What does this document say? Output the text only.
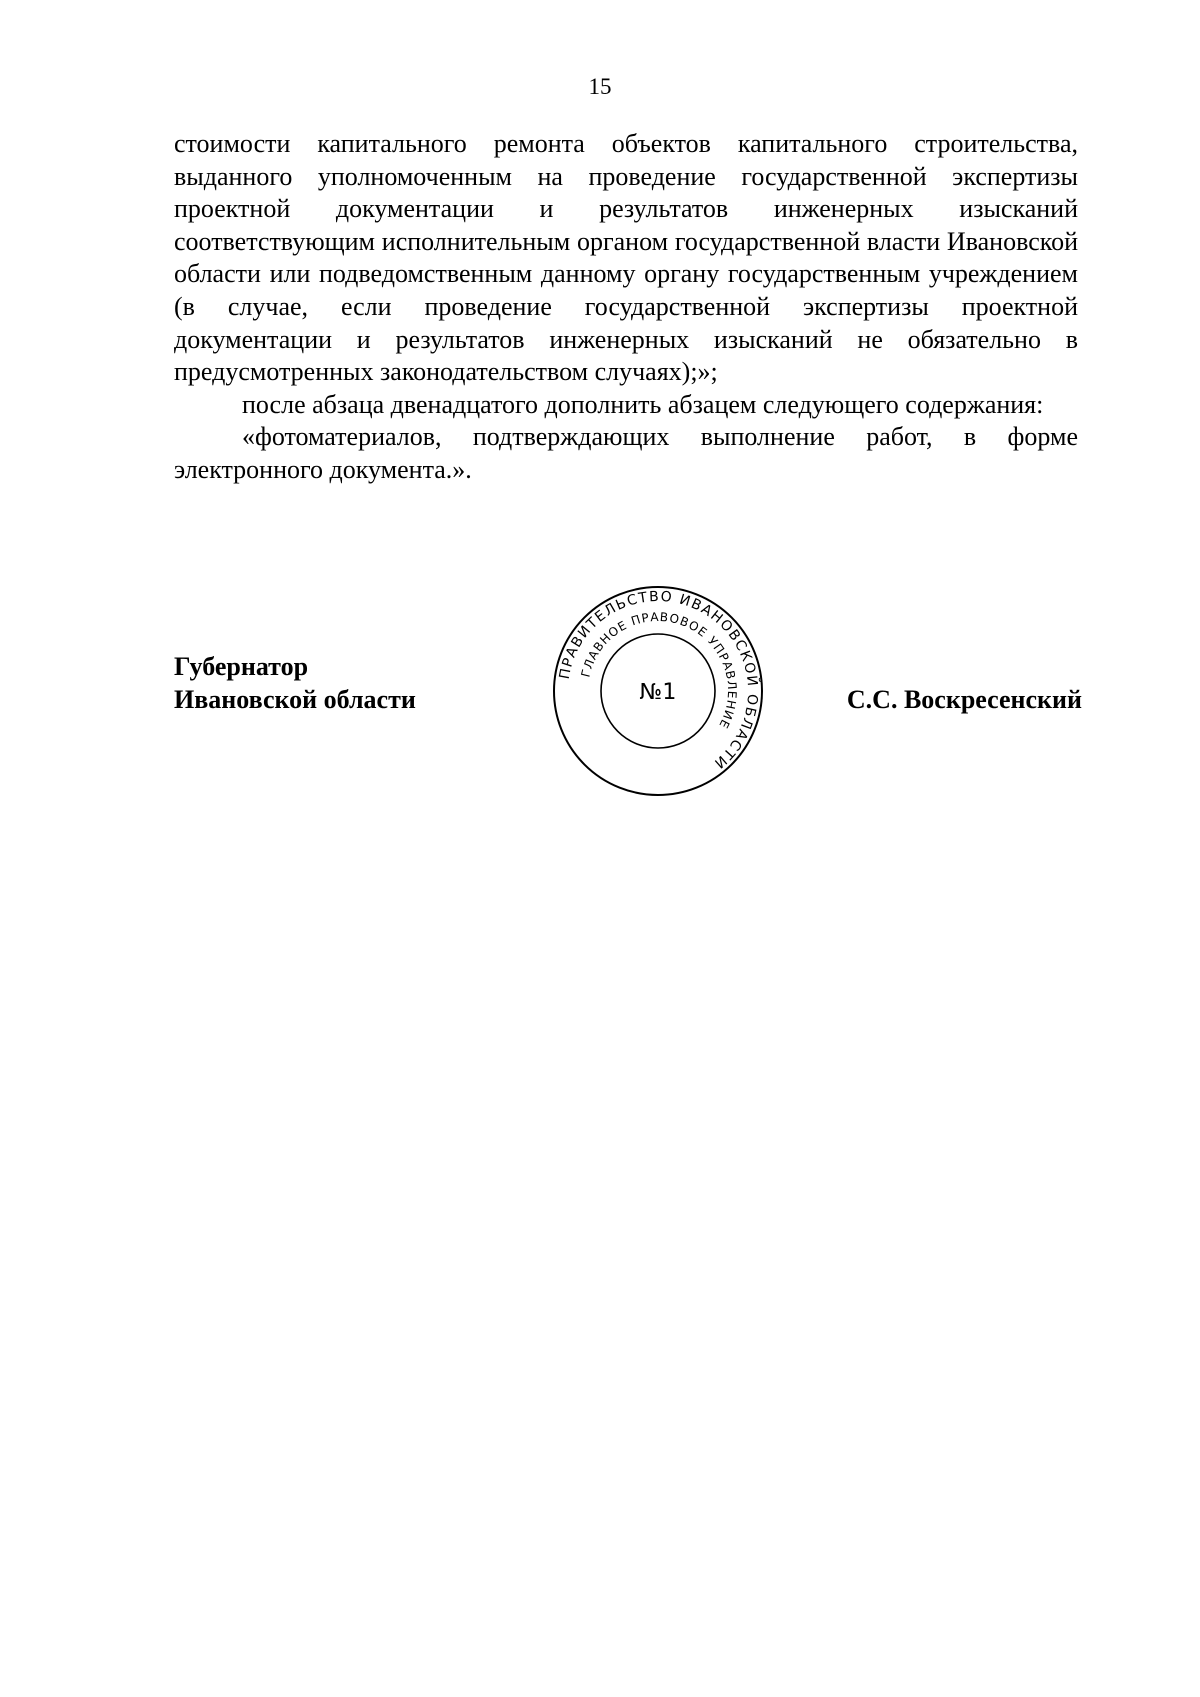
15

стоимости капитального ремонта объектов капитального строительства, выданного уполномоченным на проведение государственной экспертизы проектной документации и результатов инженерных изысканий соответствующим исполнительным органом государственной власти Ивановской области или подведомственным данному органу государственным учреждением (в случае, если проведение государственной экспертизы проектной документации и результатов инженерных изысканий не обязательно в предусмотренных законодательством случаях);»;

после абзаца двенадцатого дополнить абзацем следующего содержания:

«фотоматериалов, подтверждающих выполнение работ, в форме электронного документа.».

Губернатор
Ивановской области
ПРАВИТЕЛЬСТВО ИВАНОВСКОЙ ОБЛАСТИ
ГЛАВНОЕ ПРАВОВОЕ УПРАВЛЕНИЕ
№1	С.С. Воскресенский
